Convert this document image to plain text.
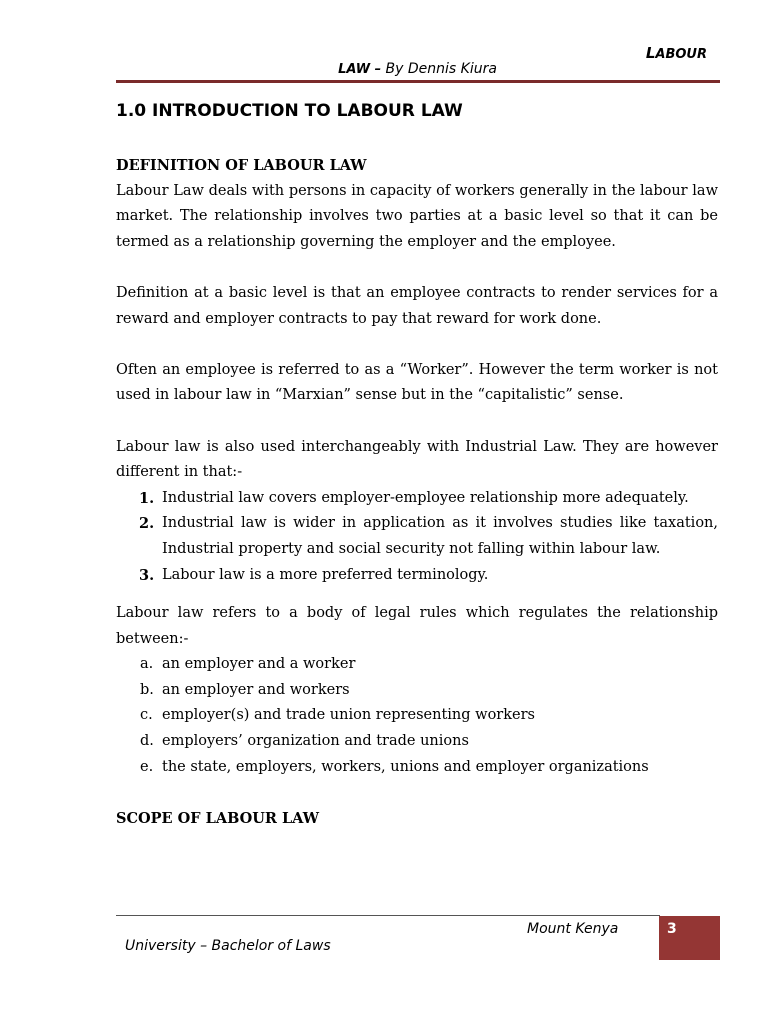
LABOUR
LAW – By Dennis Kiura
1.0 INTRODUCTION TO LABOUR LAW

DEFINITION OF LABOUR LAW

Labour Law deals with persons in capacity of workers generally in the labour law market. The relationship involves two parties at a basic level so that it can be termed as a relationship governing the employer and the employee.

Definition at a basic level is that an employee contracts to render services for a reward and employer contracts to pay that reward for work done.

Often an employee is referred to as a “Worker”. However the term worker is not used in labour law in “Marxian” sense but in the “capitalistic” sense.

Labour law is also used interchangeably with Industrial Law. They are however different in that:-

1. Industrial law covers employer-employee relationship more adequately.
2. Industrial law is wider in application as it involves studies like taxation, Industrial property and social security not falling within labour law.
3. Labour law is a more preferred terminology.

Labour law refers to a body of legal rules which regulates the relationship between:-

a. an employer and a worker
b. an employer and workers
c. employer(s) and trade union representing workers
d. employers’ organization and trade unions
e. the state, employers, workers, unions and employer organizations

SCOPE OF LABOUR LAW

Mount Kenya
University – Bachelor of Laws
3
